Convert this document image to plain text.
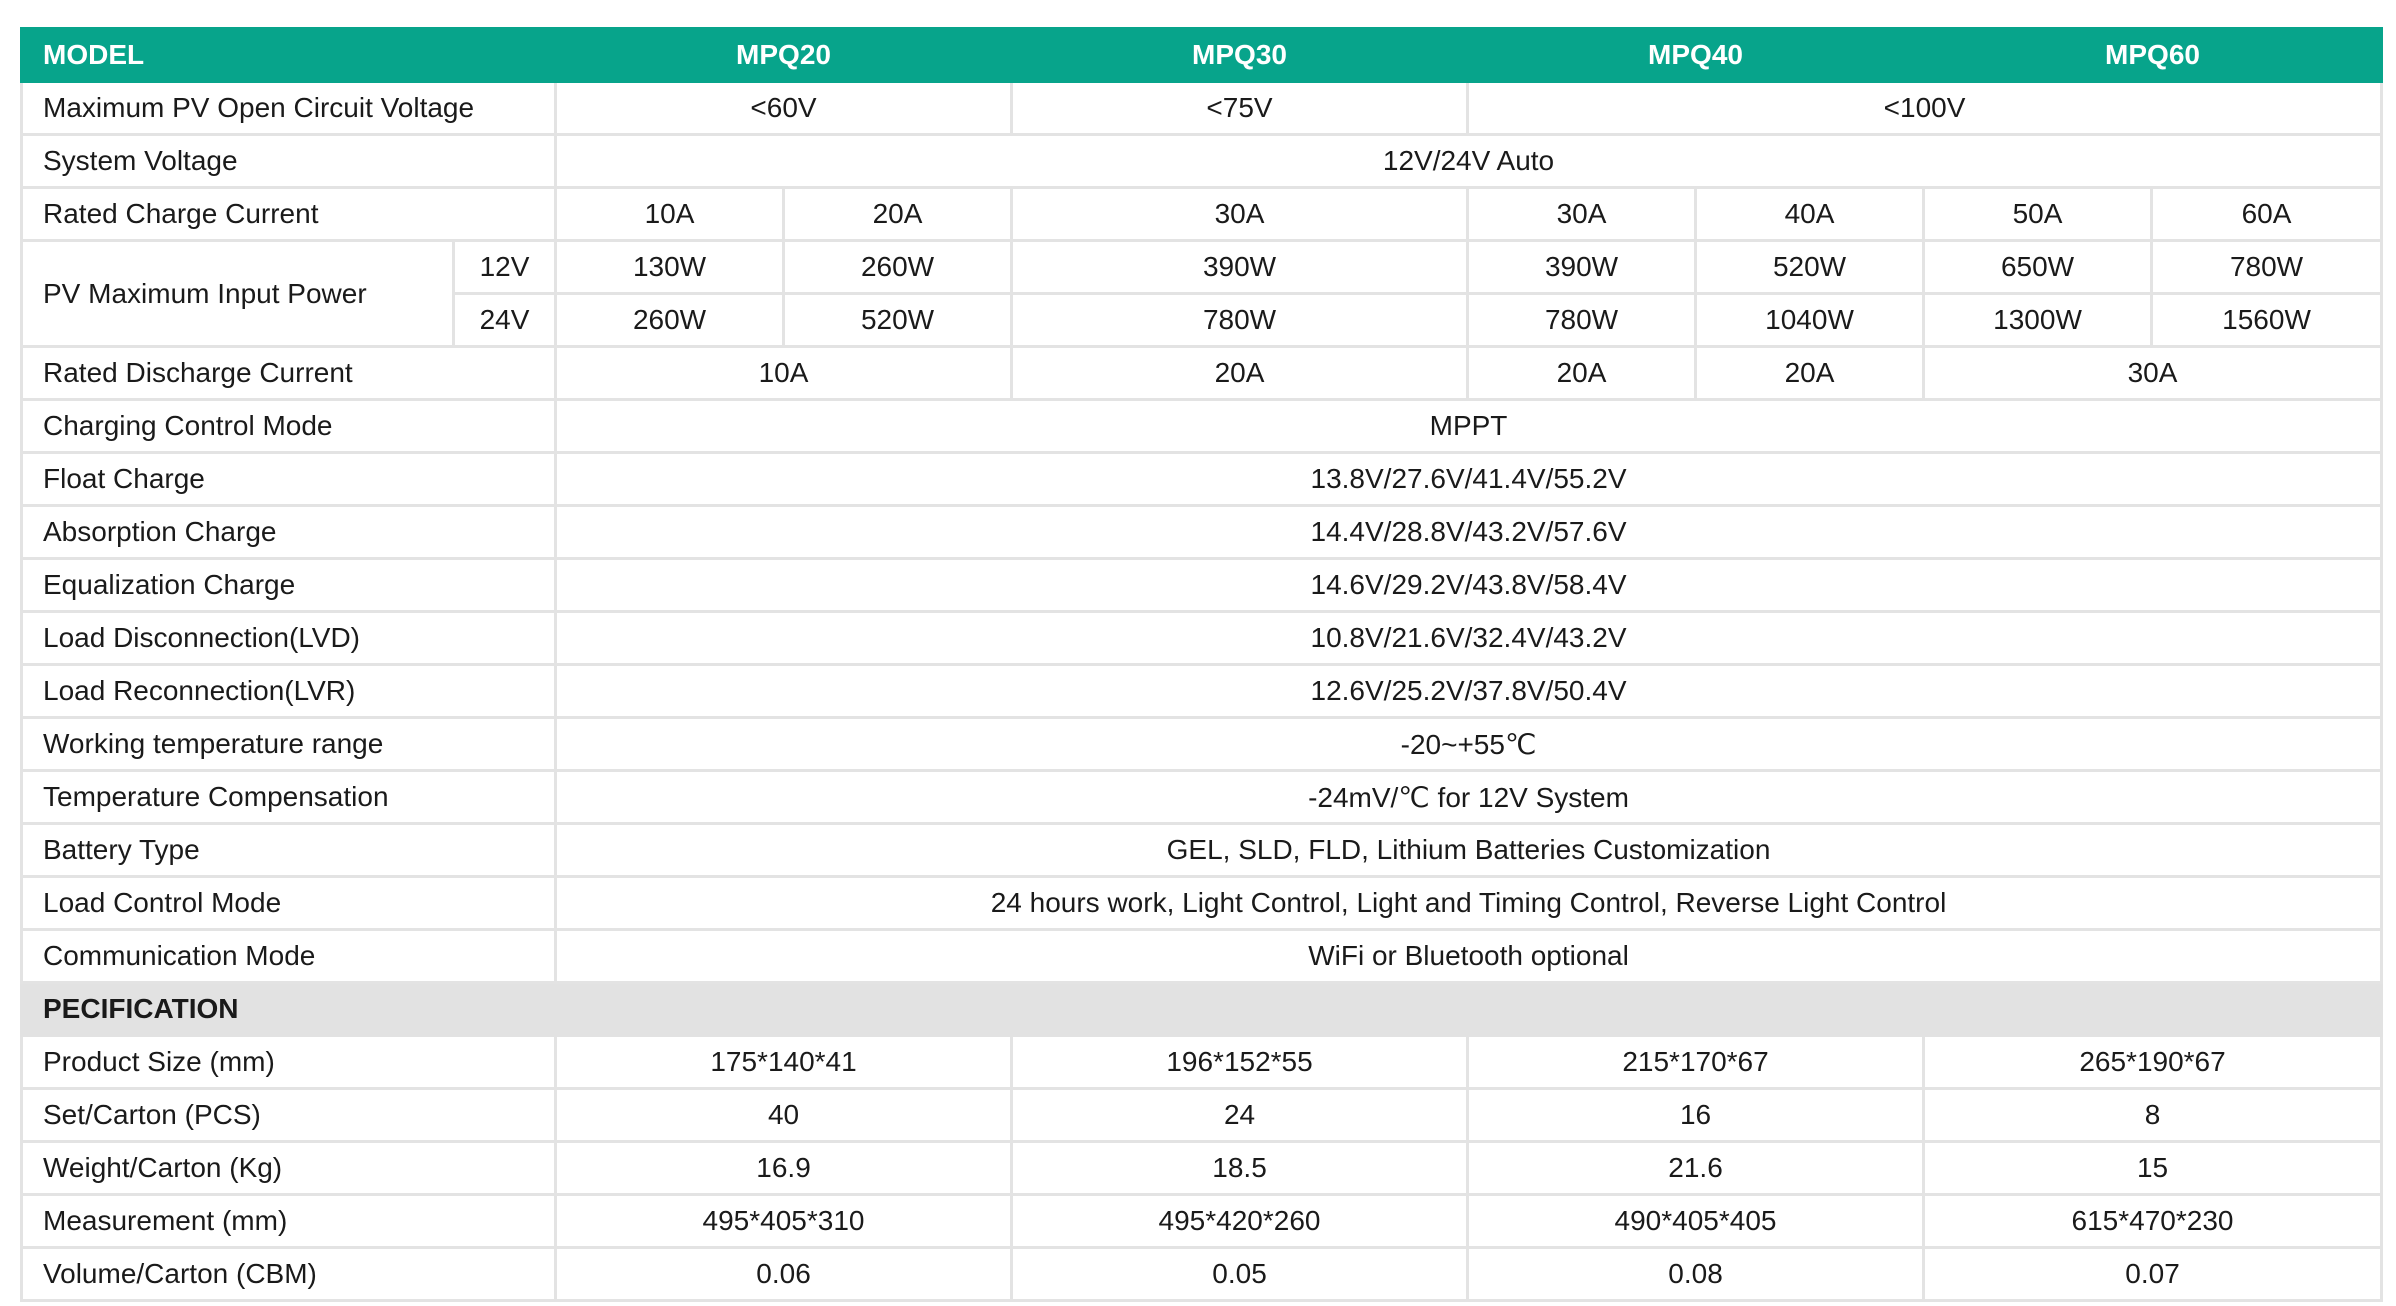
MODEL		MPQ20		MPQ30	MPQ40		MPQ60	
Maximum PV Open Circuit Voltage		<60V		<75V	<100V			
System Voltage		12V/24V Auto						
Rated Charge Current		10A	20A	30A	30A	40A	50A	60A
PV Maximum Input Power	12V	130W	260W	390W	390W	520W	650W	780W
	24V	260W	520W	780W	780W	1040W	1300W	1560W
Rated Discharge Current		10A		20A	20A	20A	30A	
Charging Control Mode		MPPT						
Float Charge		13.8V/27.6V/41.4V/55.2V						
Absorption Charge		14.4V/28.8V/43.2V/57.6V						
Equalization Charge		14.6V/29.2V/43.8V/58.4V						
Load Disconnection(LVD)		10.8V/21.6V/32.4V/43.2V						
Load Reconnection(LVR)		12.6V/25.2V/37.8V/50.4V						
Working temperature range		-20~+55℃						
Temperature Compensation		-24mV/℃ for 12V System						
Battery Type		GEL, SLD, FLD, Lithium Batteries Customization						
Load Control Mode		24 hours work, Light Control, Light and Timing Control, Reverse Light Control						
Communication Mode		WiFi or Bluetooth optional						
PECIFICATION								
Product Size (mm)		175*140*41		196*152*55	215*170*67		265*190*67	
Set/Carton (PCS)		40		24	16		8	
Weight/Carton (Kg)		16.9		18.5	21.6		15	
Measurement (mm)		495*405*310		495*420*260	490*405*405		615*470*230	
Volume/Carton (CBM)		0.06		0.05	0.08		0.07	
